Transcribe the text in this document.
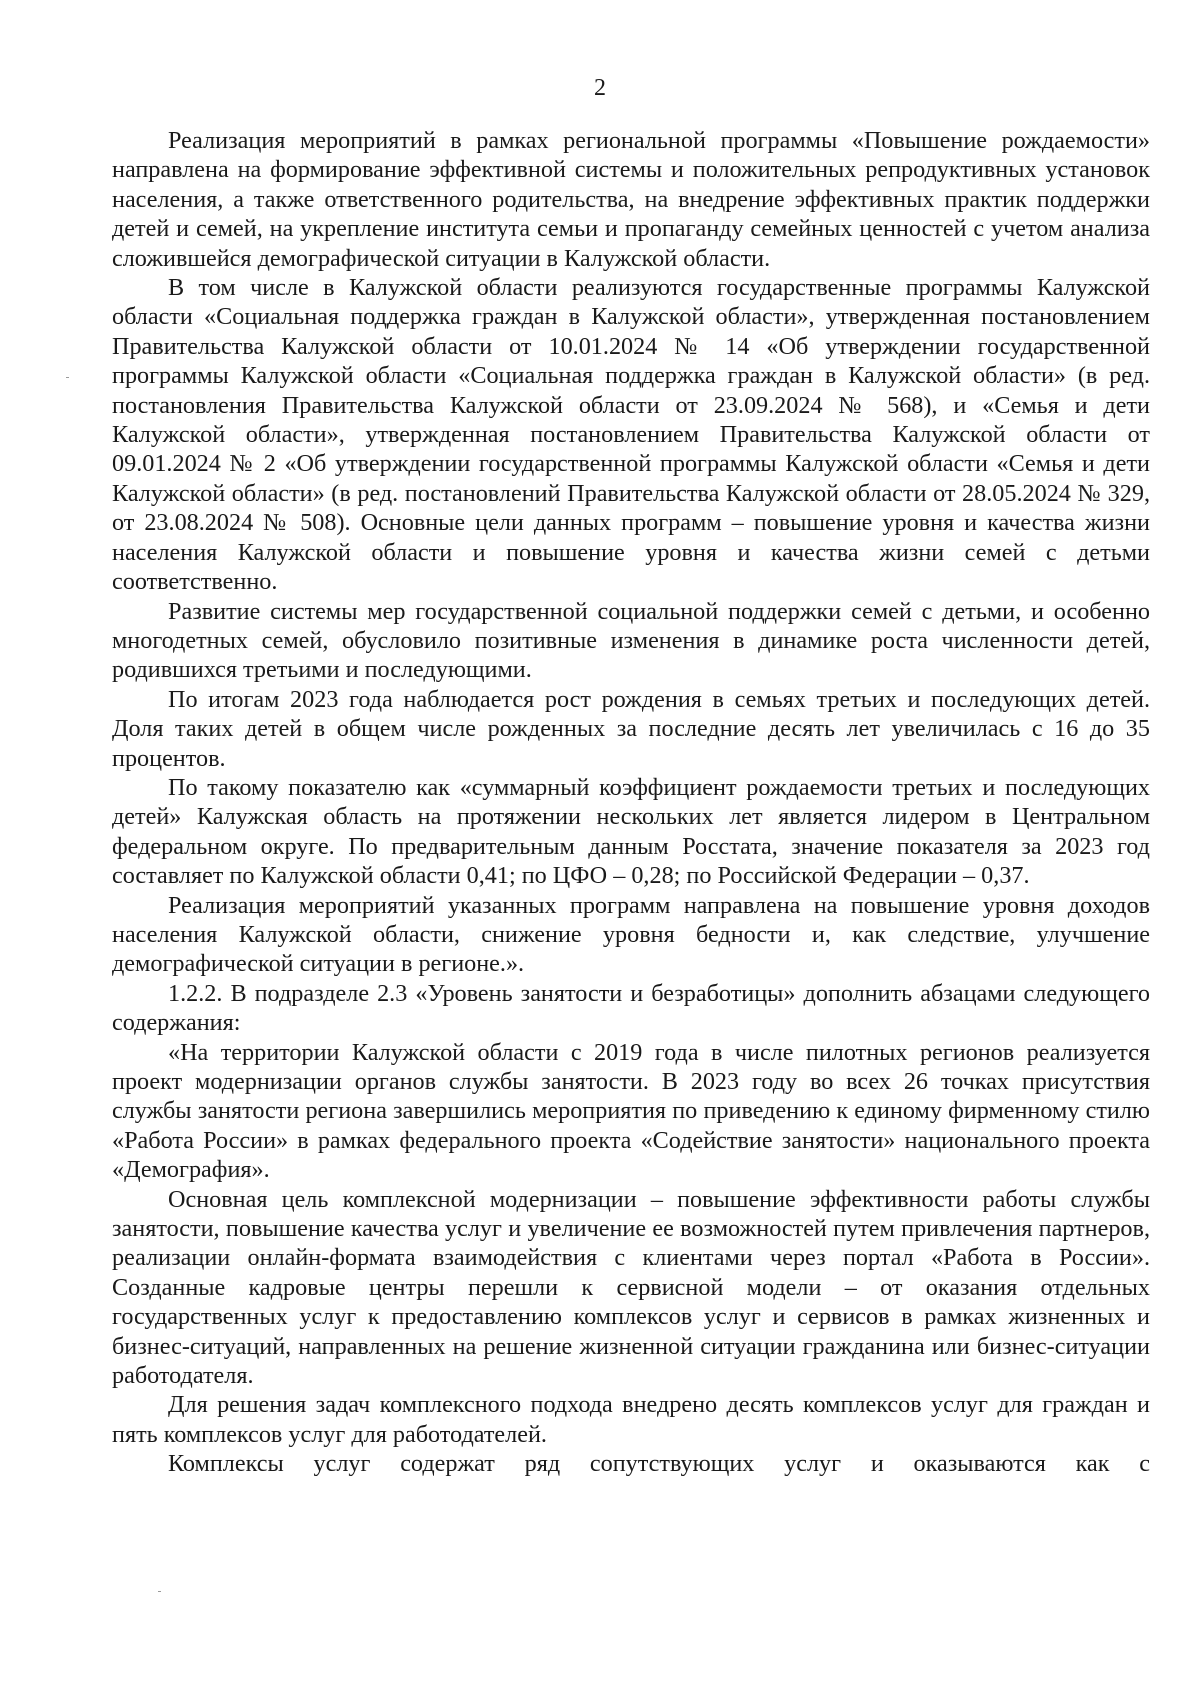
2

Реализация мероприятий в рамках региональной программы «Повышение рождаемости» направлена на формирование эффективной системы и положительных репродуктивных установок населения, а также ответственного родительства, на внедрение эффективных практик поддержки детей и семей, на укрепление института семьи и пропаганду семейных ценностей с учетом анализа сложившейся демографической ситуации в Калужской области.

В том числе в Калужской области реализуются государственные программы Калужской области «Социальная поддержка граждан в Калужской области», утвержденная постановлением Правительства Калужской области от 10.01.2024 № 14 «Об утверждении государственной программы Калужской области «Социальная поддержка граждан в Калужской области» (в ред. постановления Правительства Калужской области от 23.09.2024 № 568), и «Семья и дети Калужской области», утвержденная постановлением Правительства Калужской области от 09.01.2024 № 2 «Об утверждении государственной программы Калужской области «Семья и дети Калужской области» (в ред. постановлений Правительства Калужской области от 28.05.2024 № 329, от 23.08.2024 № 508). Основные цели данных программ – повышение уровня и качества жизни населения Калужской области и повышение уровня и качества жизни семей с детьми соответственно.

Развитие системы мер государственной социальной поддержки семей с детьми, и особенно многодетных семей, обусловило позитивные изменения в динамике роста численности детей, родившихся третьими и последующими.

По итогам 2023 года наблюдается рост рождения в семьях третьих и последующих детей. Доля таких детей в общем числе рожденных за последние десять лет увеличилась с 16 до 35 процентов.

По такому показателю как «суммарный коэффициент рождаемости третьих и последующих детей» Калужская область на протяжении нескольких лет является лидером в Центральном федеральном округе. По предварительным данным Росстата, значение показателя за 2023 год составляет по Калужской области 0,41; по ЦФО – 0,28; по Российской Федерации – 0,37.

Реализация мероприятий указанных программ направлена на повышение уровня доходов населения Калужской области, снижение уровня бедности и, как следствие, улучшение демографической ситуации в регионе.».

1.2.2. В подразделе 2.3 «Уровень занятости и безработицы» дополнить абзацами следующего содержания:

«На территории Калужской области с 2019 года в числе пилотных регионов реализуется проект модернизации органов службы занятости. В 2023 году во всех 26 точках присутствия службы занятости региона завершились мероприятия по приведению к единому фирменному стилю «Работа России» в рамках федерального проекта «Содействие занятости» национального проекта «Демография».

Основная цель комплексной модернизации – повышение эффективности работы службы занятости, повышение качества услуг и увеличение ее возможностей путем привлечения партнеров, реализации онлайн-формата взаимодействия с клиентами через портал «Работа в России». Созданные кадровые центры перешли к сервисной модели – от оказания отдельных государственных услуг к предоставлению комплексов услуг и сервисов в рамках жизненных и бизнес-ситуаций, направленных на решение жизненной ситуации гражданина или бизнес-ситуации работодателя.

Для решения задач комплексного подхода внедрено десять комплексов услуг для граждан и пять комплексов услуг для работодателей.

Комплексы услуг содержат ряд сопутствующих услуг и оказываются как с
